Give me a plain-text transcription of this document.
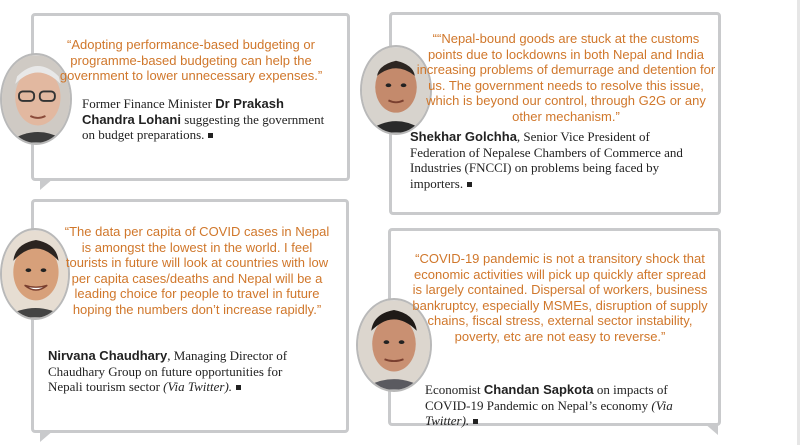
“Adopting performance-based budgeting or programme-based budgeting can help the government to lower unnecessary expenses.”

Former Finance Minister Dr Prakash Chandra Lohani suggesting the government on budget preparations.

““Nepal-bound goods are stuck at the customs points due to lockdowns in both Nepal and India increasing problems of demurrage and detention for us. The government needs to resolve this issue, which is beyond our control, through G2G or any other mechanism.”

Shekhar Golchha, Senior Vice President of Federation of Nepalese Chambers of Commerce and Industries (FNCCI) on problems being faced by importers.

“The data per capita of COVID cases in Nepal is amongst the lowest in the world. I feel tourists in future will look at countries with low per capita cases/deaths and Nepal will be a leading choice for people to travel in future hoping the numbers don’t increase rapidly.”

Nirvana Chaudhary, Managing Director of Chaudhary Group on future opportunities for Nepali tourism sector (Via Twitter).

“COVID-19 pandemic is not a transitory shock that economic activities will pick up quickly after spread is largely contained. Dispersal of workers, business bankruptcy, especially MSMEs, disruption of supply chains, fiscal stress, external sector instability, poverty, etc are not easy to reverse.”

Economist Chandan Sapkota on impacts of COVID-19 Pandemic on Nepal’s economy (Via Twitter).
